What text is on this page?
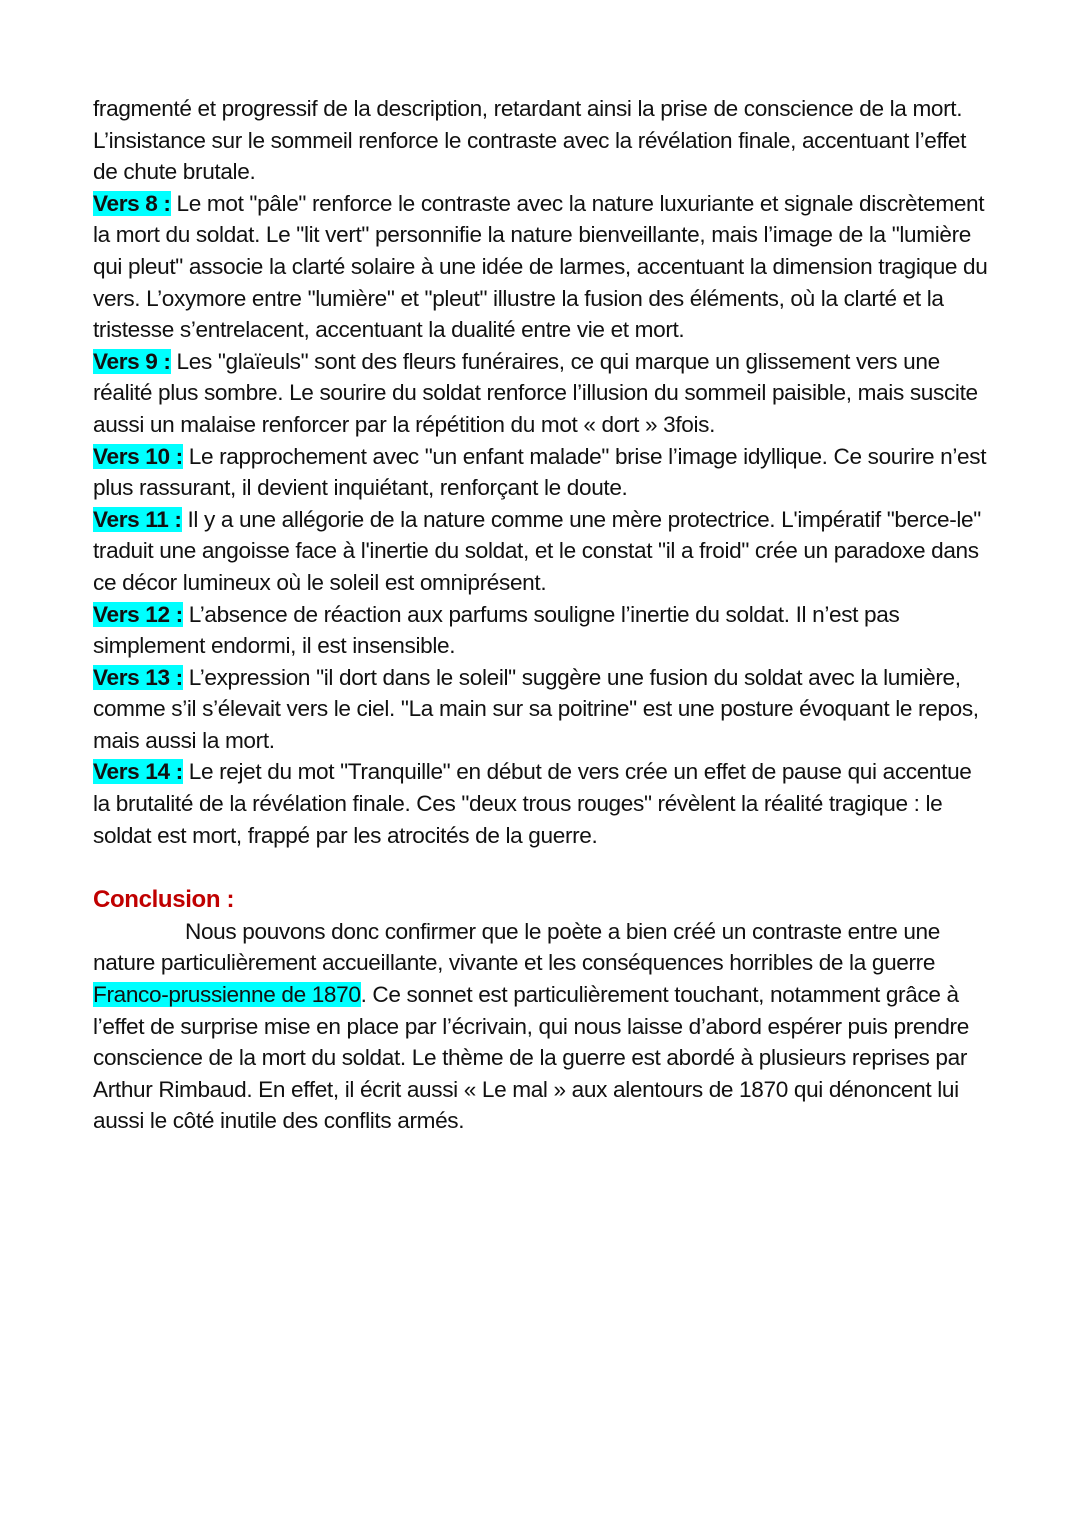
fragmenté et progressif de la description, retardant ainsi la prise de conscience de la mort. L’insistance sur le sommeil renforce le contraste avec la révélation finale, accentuant l’effet de chute brutale.

Vers 8 : Le mot "pâle" renforce le contraste avec la nature luxuriante et signale discrètement la mort du soldat. Le "lit vert" personnifie la nature bienveillante, mais l’image de la "lumière qui pleut" associe la clarté solaire à une idée de larmes, accentuant la dimension tragique du vers. L’oxymore entre "lumière" et "pleut" illustre la fusion des éléments, où la clarté et la tristesse s’entrelacent, accentuant la dualité entre vie et mort.

Vers 9 : Les "glaïeuls" sont des fleurs funéraires, ce qui marque un glissement vers une réalité plus sombre. Le sourire du soldat renforce l’illusion du sommeil paisible, mais suscite aussi un malaise renforcer par la répétition du mot « dort » 3fois.

Vers 10 : Le rapprochement avec "un enfant malade" brise l’image idyllique. Ce sourire n’est plus rassurant, il devient inquiétant, renforçant le doute.

Vers 11 : Il y a une allégorie de la nature comme une mère protectrice. L'impératif "berce-le" traduit une angoisse face à l'inertie du soldat, et le constat "il a froid" crée un paradoxe dans ce décor lumineux où le soleil est omniprésent.

Vers 12 : L’absence de réaction aux parfums souligne l’inertie du soldat. Il n’est pas simplement endormi, il est insensible.

Vers 13 : L’expression "il dort dans le soleil" suggère une fusion du soldat avec la lumière, comme s’il s’élevait vers le ciel. "La main sur sa poitrine" est une posture évoquant le repos, mais aussi la mort.

Vers 14 : Le rejet du mot "Tranquille" en début de vers crée un effet de pause qui accentue la brutalité de la révélation finale. Ces "deux trous rouges" révèlent la réalité tragique : le soldat est mort, frappé par les atrocités de la guerre.

Conclusion :

Nous pouvons donc confirmer que le poète a bien créé un contraste entre une nature particulièrement accueillante, vivante et les conséquences horribles de la guerre Franco-prussienne de 1870. Ce sonnet est particulièrement touchant, notamment grâce à l’effet de surprise mise en place par l’écrivain, qui nous laisse d’abord espérer puis prendre conscience de la mort du soldat. Le thème de la guerre est abordé à plusieurs reprises par Arthur Rimbaud. En effet, il écrit aussi « Le mal » aux alentours de 1870 qui dénoncent lui aussi le côté inutile des conflits armés.
